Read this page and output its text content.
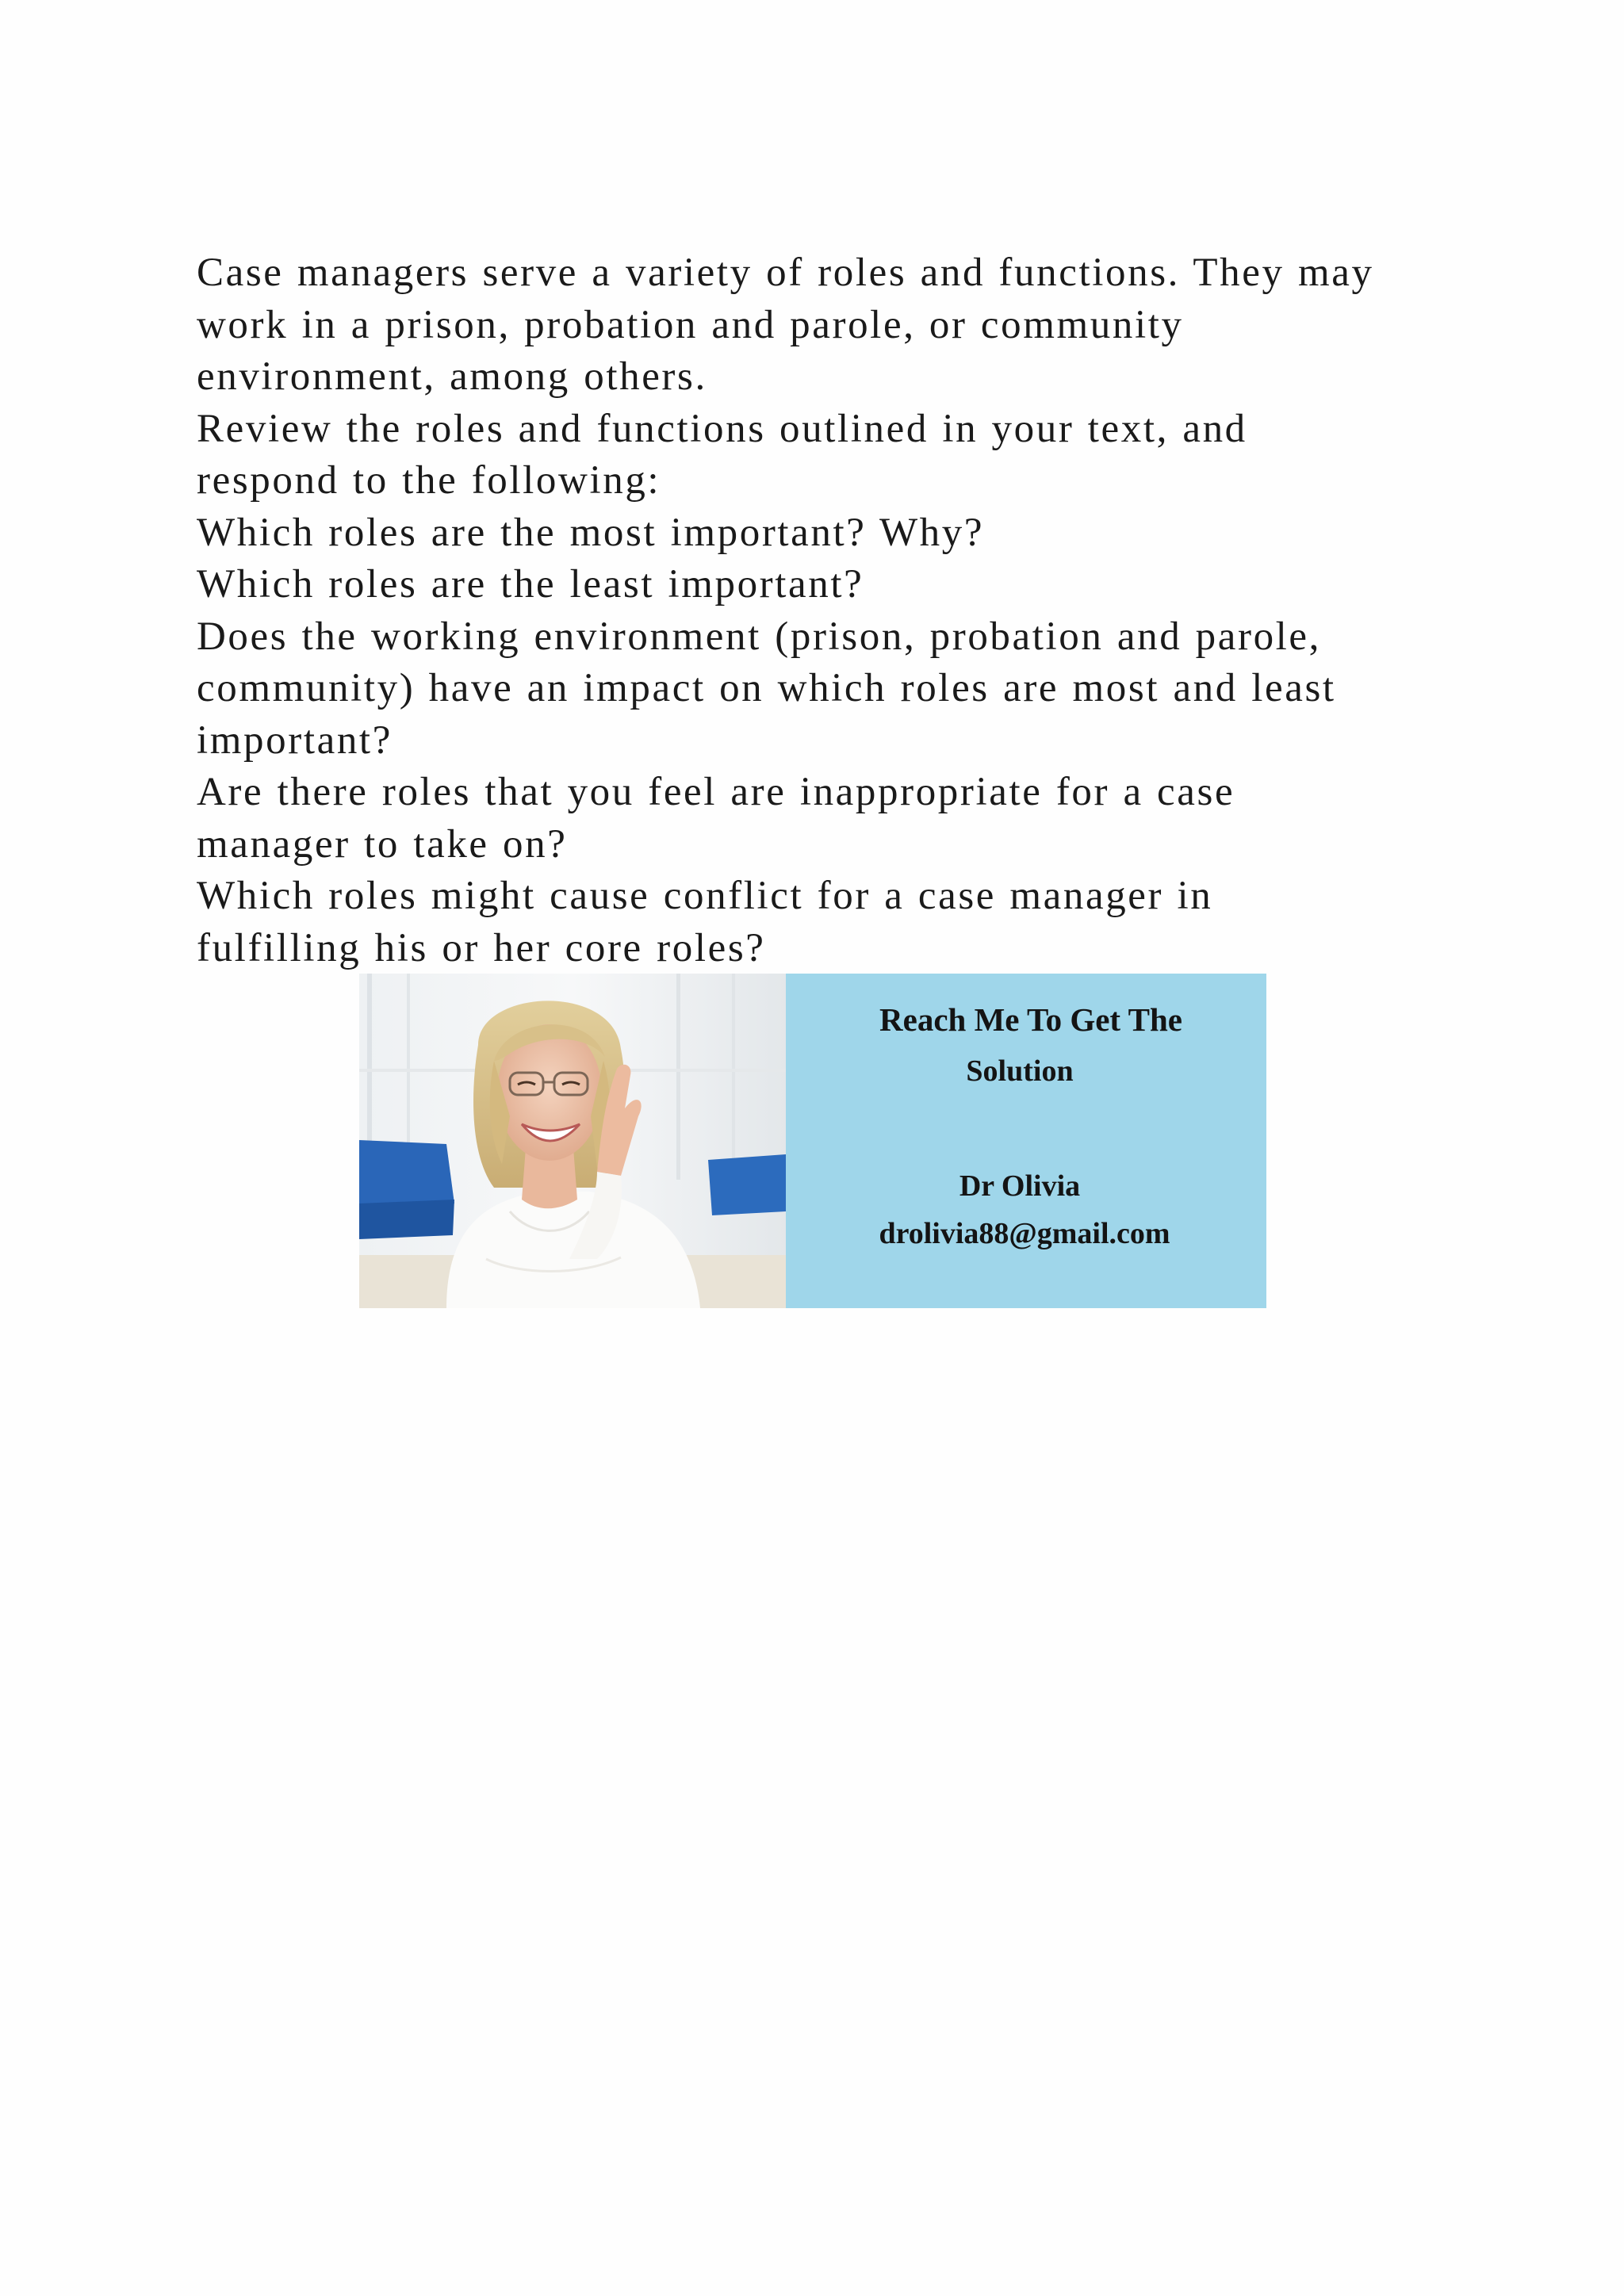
Case managers serve a variety of roles and functions. They may
work in a prison, probation and parole, or community
environment, among others.
Review the roles and functions outlined in your text, and
respond to the following:
Which roles are the most important? Why?
Which roles are the least important?
Does the working environment (prison, probation and parole,
community) have an impact on which roles are most and least
important?
Are there roles that you feel are inappropriate for a case
manager to take on?
Which roles might cause conflict for a case manager in
fulfilling his or her core roles?
Reach Me To Get The
Solution
Dr Olivia
drolivia88@gmail.com
